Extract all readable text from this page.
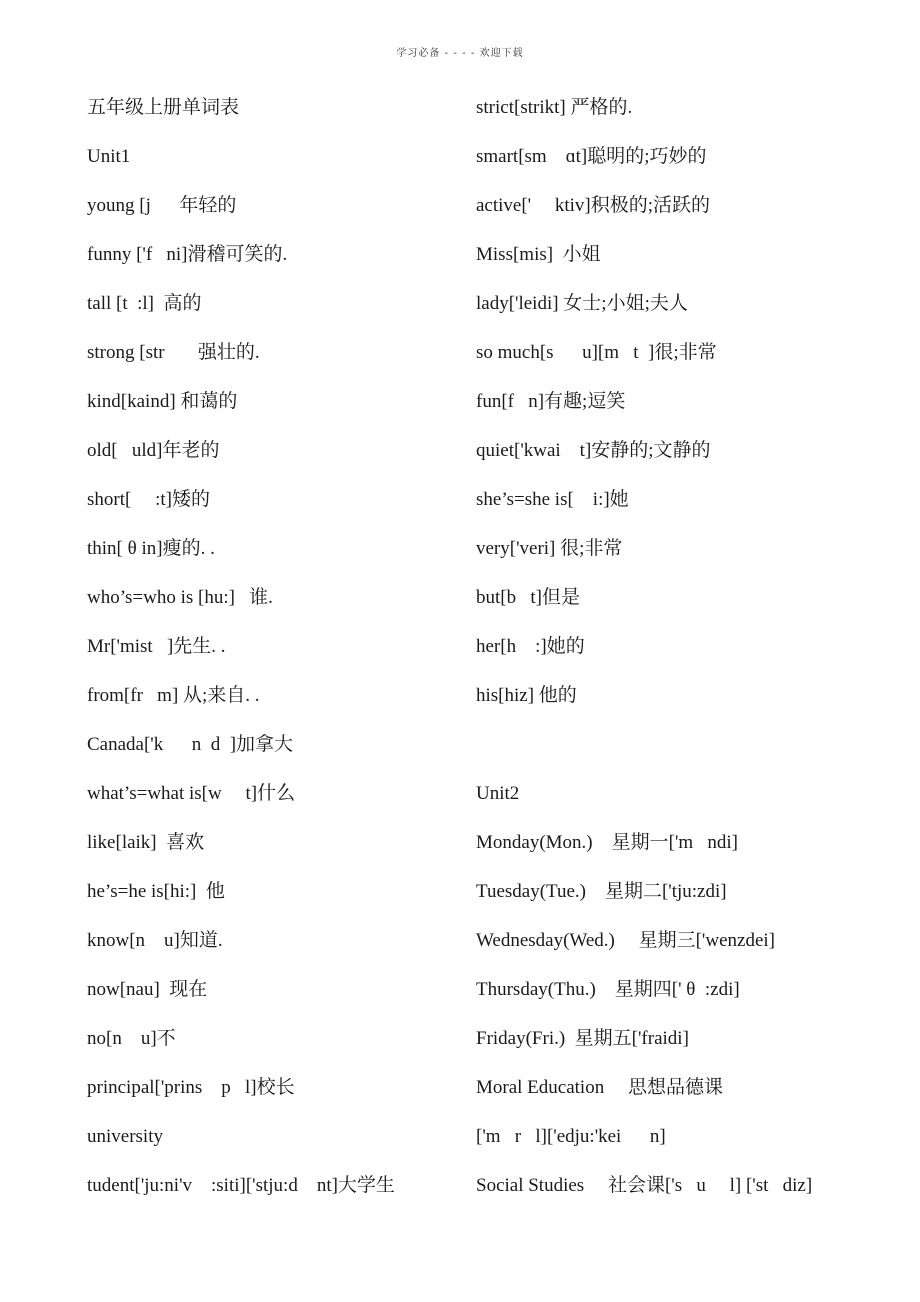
学习必备 - - - - 欢迎下载
五年级上册单词表
Unit1
young [j      年轻的
funny ['f   ni]滑稽可笑的.
tall [t  :l]  高的
strong [str       强壮的.
kind[kaind] 和蔼的
old[   uld]年老的
short[     :t]矮的
thin[ θ in]瘦的. .
who’s=who is [hu:]   谁.
Mr['mist   ]先生. .
from[fr   m] 从;来自. .
Canada['k      n  d  ]加拿大
what’s=what is[w     t]什么
like[laik]  喜欢
he’s=he is[hi:]  他
know[n    u]知道.
now[nau]  现在
no[n    u]不
principal['prins    p   l]校长
university
tudent['ju:ni'v    :siti]['stju:d    nt]大学生
strict[strikt] 严格的.
smart[sm    ɑt]聪明的;巧妙的
active['     ktiv]积极的;活跃的
Miss[mis]  小姐
lady['leidi] 女士;小姐;夫人
so much[s      u][m   t  ]很;非常
fun[f   n]有趣;逗笑
quiet['kwai    t]安静的;文静的
she’s=she is[    i:]她
very['veri] 很;非常
but[b   t]但是
her[h    :]她的
his[hiz] 他的
Unit2
Monday(Mon.)    星期一['m   ndi]
Tuesday(Tue.)    星期二['tju:zdi]
Wednesday(Wed.)     星期三['wenzdei]
Thursday(Thu.)    星期四[' θ  :zdi]
Friday(Fri.)  星期五['fraidi]
Moral Education     思想品德课
['m   r   l]['edju:'kei      n]
Social Studies     社会课['s   u     l] ['st   diz]
